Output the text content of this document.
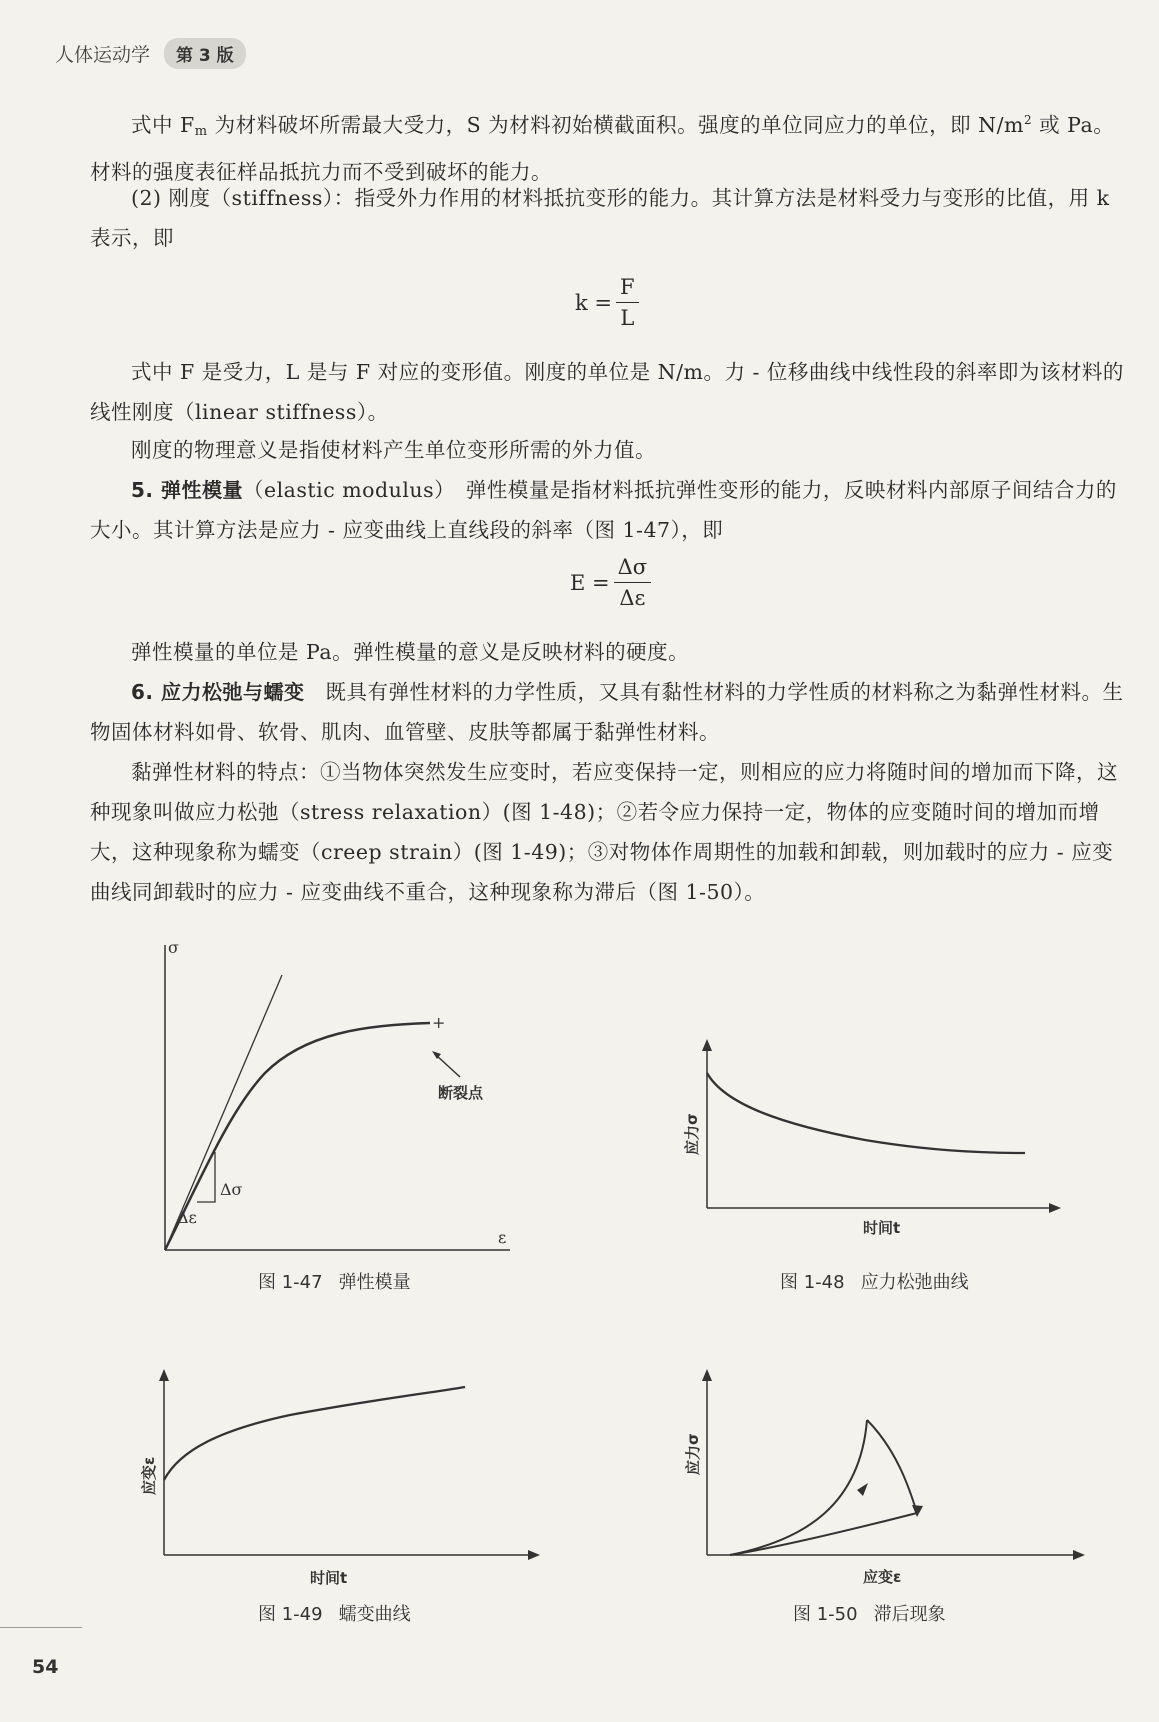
人体运动学	第 3 版

式中 $F_m$ 为材料破坏所需最大受力，S 为材料初始横截面积。强度的单位同应力的单位，即 $N/m^2$ 或 Pa。材料的强度表征样品抵抗力而不受到破坏的能力。

(2) 刚度（stiffness）：指受外力作用的材料抵抗变形的能力。其计算方法是材料受力与变形的比值，用 k 表示，即

$k = \frac{F}{L}$

式中 F 是受力，L 是与 F 对应的变形值。刚度的单位是 N/m。力 - 位移曲线中线性段的斜率即为该材料的线性刚度（linear stiffness）。

刚度的物理意义是指使材料产生单位变形所需的外力值。

5. 弹性模量（elastic modulus）　弹性模量是指材料抵抗弹性变形的能力，反映材料内部原子间结合力的大小。其计算方法是应力 - 应变曲线上直线段的斜率（图 1-47），即

$E = \frac{\Delta\sigma}{\Delta\varepsilon}$

弹性模量的单位是 Pa。弹性模量的意义是反映材料的硬度。

6. 应力松弛与蠕变　既具有弹性材料的力学性质，又具有黏性材料的力学性质的材料称之为黏弹性材料。生物固体材料如骨、软骨、肌肉、血管壁、皮肤等都属于黏弹性材料。

黏弹性材料的特点：①当物体突然发生应变时，若应变保持一定，则相应的应力将随时间的增加而下降，这种现象叫做应力松弛（stress relaxation）(图 1-48)；②若令应力保持一定，物体的应变随时间的增加而增大，这种现象称为蠕变（creep strain）(图 1-49)；③对物体作周期性的加载和卸载，则加载时的应力 - 应变曲线同卸载时的应力 - 应变曲线不重合，这种现象称为滞后（图 1-50）。

σ
ε
Δσ
Δε
+
断裂点
图 1-47 弹性模量
应力σ
时间t
图 1-48 应力松弛曲线
应变ε
时间t
图 1-49 蠕变曲线
应力σ
应变ε
图 1-50 滞后现象
54
